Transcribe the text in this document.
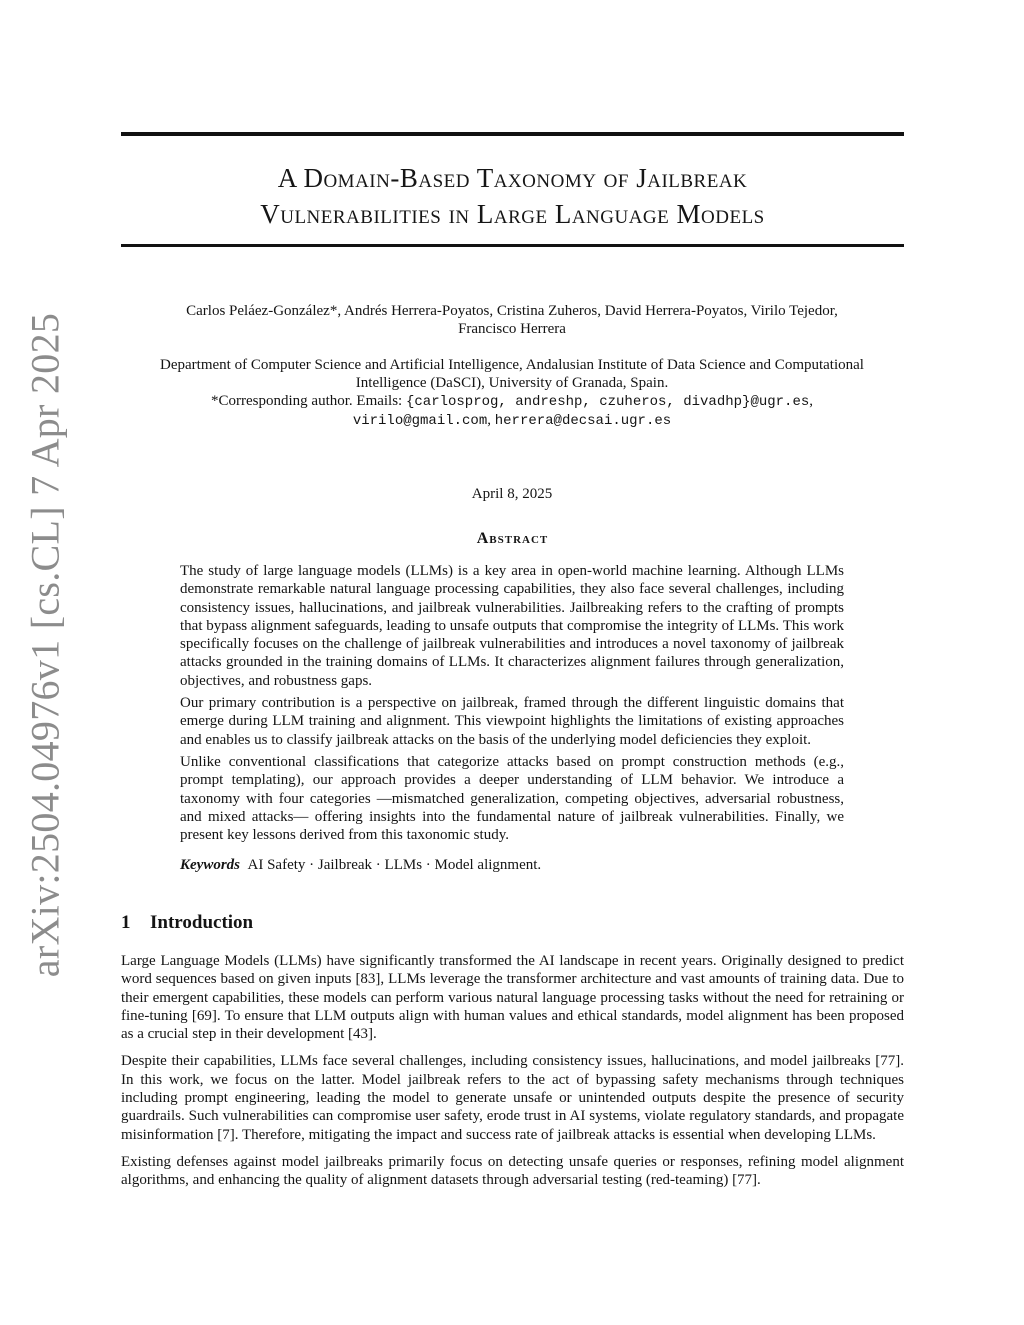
arXiv:2504.04976v1 [cs.CL] 7 Apr 2025
A Domain-Based Taxonomy of Jailbreak
Vulnerabilities in Large Language Models
Carlos Peláez-González*, Andrés Herrera-Poyatos, Cristina Zuheros, David Herrera-Poyatos, Virilo Tejedor,
Francisco Herrera
Department of Computer Science and Artificial Intelligence, Andalusian Institute of Data Science and Computational
Intelligence (DaSCI), University of Granada, Spain.
*Corresponding author. Emails: {carlosprog, andreshp, czuheros, divadhp}@ugr.es,
virilo@gmail.com, herrera@decsai.ugr.es
April 8, 2025
Abstract

The study of large language models (LLMs) is a key area in open-world machine learning. Although LLMs demonstrate remarkable natural language processing capabilities, they also face several challenges, including consistency issues, hallucinations, and jailbreak vulnerabilities. Jailbreaking refers to the crafting of prompts that bypass alignment safeguards, leading to unsafe outputs that compromise the integrity of LLMs. This work specifically focuses on the challenge of jailbreak vulnerabilities and introduces a novel taxonomy of jailbreak attacks grounded in the training domains of LLMs. It characterizes alignment failures through generalization, objectives, and robustness gaps.

Our primary contribution is a perspective on jailbreak, framed through the different linguistic domains that emerge during LLM training and alignment. This viewpoint highlights the limitations of existing approaches and enables us to classify jailbreak attacks on the basis of the underlying model deficiencies they exploit.

Unlike conventional classifications that categorize attacks based on prompt construction methods (e.g., prompt templating), our approach provides a deeper understanding of LLM behavior. We introduce a taxonomy with four categories —mismatched generalization, competing objectives, adversarial robustness, and mixed attacks— offering insights into the fundamental nature of jailbreak vulnerabilities. Finally, we present key lessons derived from this taxonomic study.

Keywords AI Safety · Jailbreak · LLMs · Model alignment.

1 Introduction

Large Language Models (LLMs) have significantly transformed the AI landscape in recent years. Originally designed to predict word sequences based on given inputs [83], LLMs leverage the transformer architecture and vast amounts of training data. Due to their emergent capabilities, these models can perform various natural language processing tasks without the need for retraining or fine-tuning [69]. To ensure that LLM outputs align with human values and ethical standards, model alignment has been proposed as a crucial step in their development [43].

Despite their capabilities, LLMs face several challenges, including consistency issues, hallucinations, and model jailbreaks [77]. In this work, we focus on the latter. Model jailbreak refers to the act of bypassing safety mechanisms through techniques including prompt engineering, leading the model to generate unsafe or unintended outputs despite the presence of security guardrails. Such vulnerabilities can compromise user safety, erode trust in AI systems, violate regulatory standards, and propagate misinformation [7]. Therefore, mitigating the impact and success rate of jailbreak attacks is essential when developing LLMs.

Existing defenses against model jailbreaks primarily focus on detecting unsafe queries or responses, refining model alignment algorithms, and enhancing the quality of alignment datasets through adversarial testing (red-teaming) [77].
